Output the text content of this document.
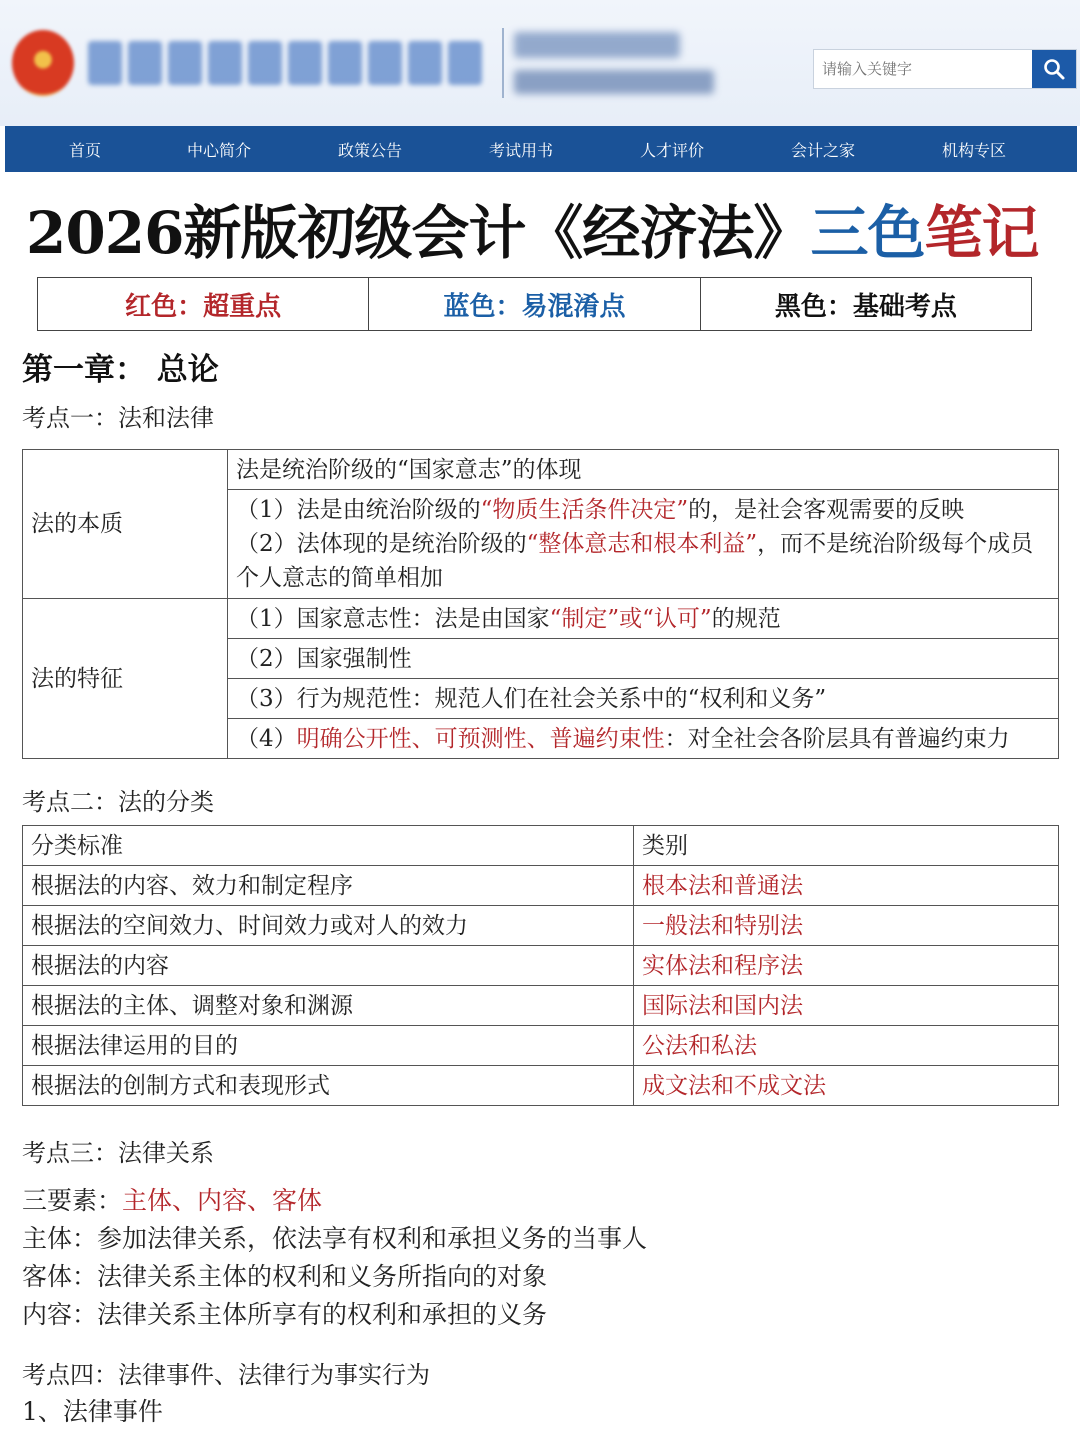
请输入关键字
首页	中心简介	政策公告	考试用书	人才评价	会计之家	机构专区
2026新版初级会计《经济法》三色笔记
红色：超重点	蓝色：易混淆点	黑色：基础考点
第一章： 总论
考点一：法和法律
法的本质	法是统治阶级的“国家意志”的体现

	（1）法是由统治阶级的“物质生活条件决定”的，是社会客观需要的反映
（2）法体现的是统治阶级的“整体意志和根本利益”，而不是统治阶级每个成员个人意志的简单相加

法的特征	（1）国家意志性：法是由国家“制定”或“认可”的规范
	（2）国家强制性
	（3）行为规范性：规范人们在社会关系中的“权利和义务”
	（4）明确公开性、可预测性、普遍约束性：对全社会各阶层具有普遍约束力
考点二：法的分类
分类标准	类别
根据法的内容、效力和制定程序	根本法和普通法
根据法的空间效力、时间效力或对人的效力	一般法和特别法
根据法的内容	实体法和程序法
根据法的主体、调整对象和渊源	国际法和国内法
根据法律运用的目的	公法和私法
根据法的创制方式和表现形式	成文法和不成文法
考点三：法律关系

三要素：主体、内容、客体

主体：参加法律关系，依法享有权利和承担义务的当事人

客体：法律关系主体的权利和义务所指向的对象

内容：法律关系主体所享有的权利和承担的义务

考点四：法律事件、法律行为事实行为

1、法律事件
